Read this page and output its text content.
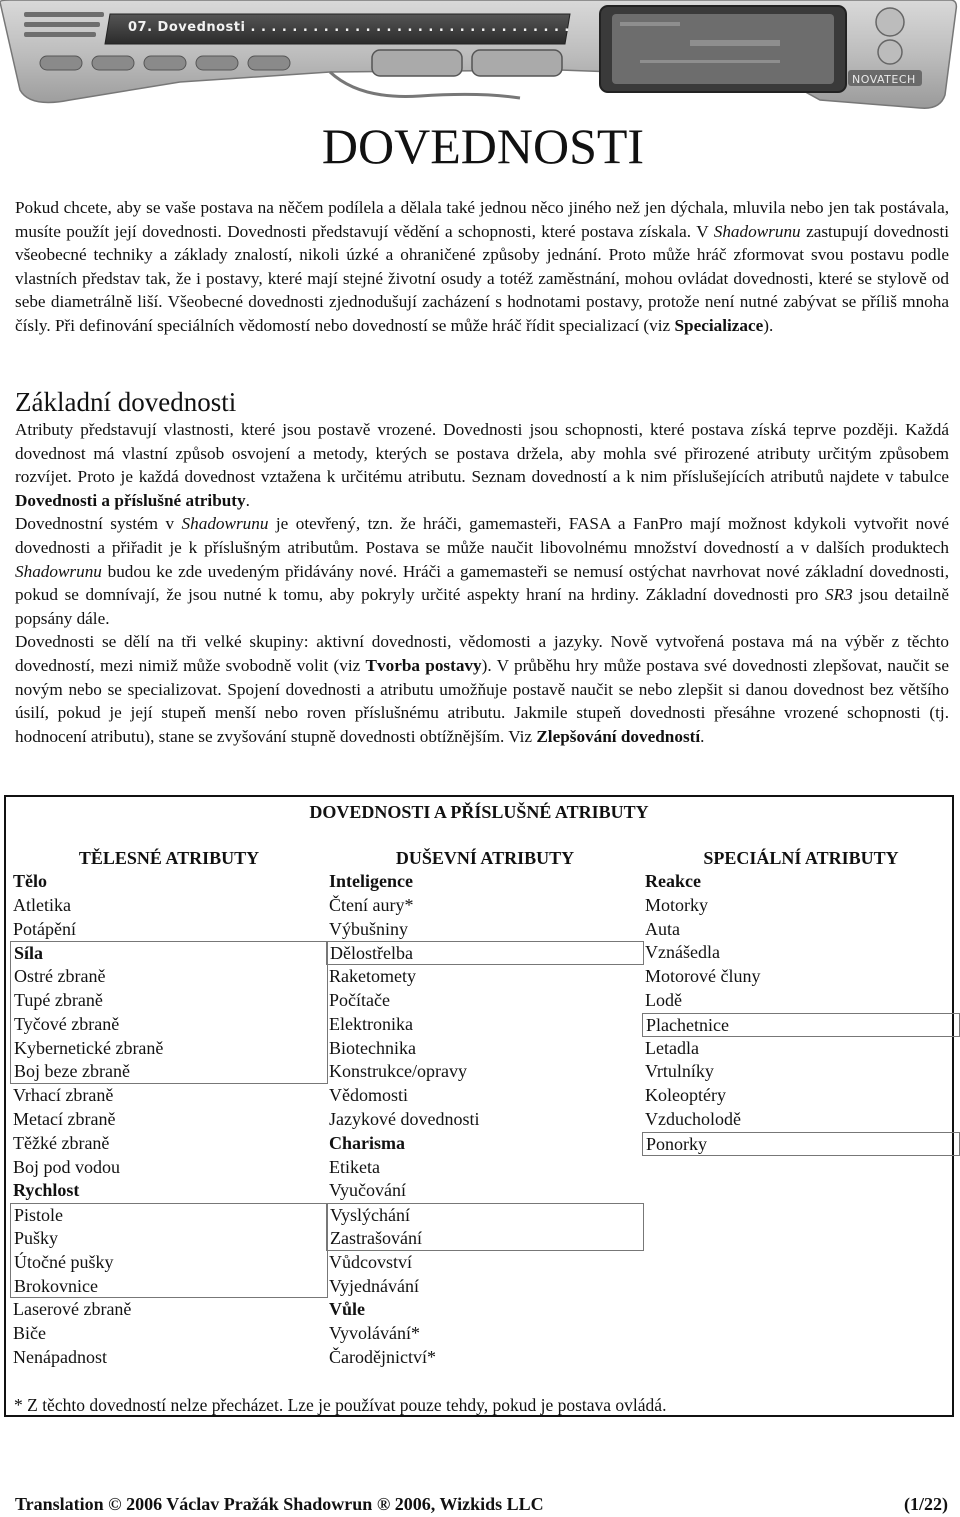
07. Dovednosti . . . . . . . . . . . . . . . . . . . . . . . . . . . . . . .
NOVATECH
DOVEDNOSTI

Pokud chcete, aby se vaše postava na něčem podílela a dělala také jednou něco jiného než jen dýchala, mluvila nebo jen tak postávala, musíte použít její dovednosti. Dovednosti představují vědění a schopnosti, které postava získala. V Shadowrunu zastupují dovednosti všeobecné techniky a základy znalostí, nikoli úzké a ohraničené způsoby jednání. Proto může hráč zformovat svou postavu podle vlastních představ tak, že i postavy, které mají stejné životní osudy a totéž zaměstnání, mohou ovládat dovednosti, které se stylově od sebe diametrálně liší. Všeobecné dovednosti zjednodušují zacházení s hodnotami postavy, protože není nutné zabývat se příliš mnoha čísly. Při definování speciálních vědomostí nebo dovedností se může hráč řídit specializací (viz Specializace).

Základní dovednosti

Atributy představují vlastnosti, které jsou postavě vrozené. Dovednosti jsou schopnosti, které postava získá teprve později. Každá dovednost má vlastní způsob osvojení a metody, kterých se postava držela, aby mohla své přirozené atributy určitým způsobem rozvíjet. Proto je každá dovednost vztažena k určitému atributu. Seznam dovedností a k nim příslušejících atributů najdete v tabulce Dovednosti a příslušné atributy.

Dovednostní systém v Shadowrunu je otevřený, tzn. že hráči, gamemasteři, FASA a FanPro mají možnost kdykoli vytvořit nové dovednosti a přiřadit je k příslušným atributům. Postava se může naučit libovolnému množství dovedností a v dalších produktech Shadowrunu budou ke zde uvedeným přidávány nové. Hráči a gamemasteři se nemusí ostýchat navrhovat nové základní dovednosti, pokud se domnívají, že jsou nutné k tomu, aby pokryly určité aspekty hraní na hrdiny. Základní dovednosti pro SR3 jsou detailně popsány dále.

Dovednosti se dělí na tři velké skupiny: aktivní dovednosti, vědomosti a jazyky. Nově vytvořená postava má na výběr z těchto dovedností, mezi nimiž může svobodně volit (viz Tvorba postavy). V průběhu hry může postava své dovednosti zlepšovat, naučit se novým nebo se specializovat. Spojení dovednosti a atributu umožňuje postavě naučit se nebo zlepšit si danou dovednost bez většího úsilí, pokud je její stupeň menší nebo roven příslušnému atributu. Jakmile stupeň dovednosti přesáhne vrozené schopnosti (tj. hodnocení atributu), stane se zvyšování stupně dovednosti obtížnějším. Viz Zlepšování dovedností.

DOVEDNOSTI A PŘÍSLUŠNÉ ATRIBUTY
TĚLESNÉ ATRIBUTY
Tělo
Atletika
Potápění
Síla
Ostré zbraně
Tupé zbraně
Tyčové zbraně
Kybernetické zbraně
Boj beze zbraně
Vrhací zbraně
Metací zbraně
Těžké zbraně
Boj pod vodou
Rychlost
Pistole
Pušky
Útočné pušky
Brokovnice
Laserové zbraně
Biče
Nenápadnost
DUŠEVNÍ ATRIBUTY
Inteligence
Čtení aury*
Výbušniny
Dělostřelba
Raketomety
Počítače
Elektronika
Biotechnika
Konstrukce/opravy
Vědomosti
Jazykové dovednosti
Charisma
Etiketa
Vyučování
Vyslýchání
Zastrašování
Vůdcovství
Vyjednávání
Vůle
Vyvolávání*
Čarodějnictví*
SPECIÁLNÍ ATRIBUTY
Reakce
Motorky
Auta
Vznášedla
Motorové čluny
Lodě
Plachetnice
Letadla
Vrtulníky
Koleoptéry
Vzducholodě
Ponorky

* Z těchto dovedností nelze přecházet. Lze je používat pouze tehdy, pokud je postava ovládá.

Translation © 2006 Václav Pražák Shadowrun ® 2006, Wizkids LLC	(1/22)
